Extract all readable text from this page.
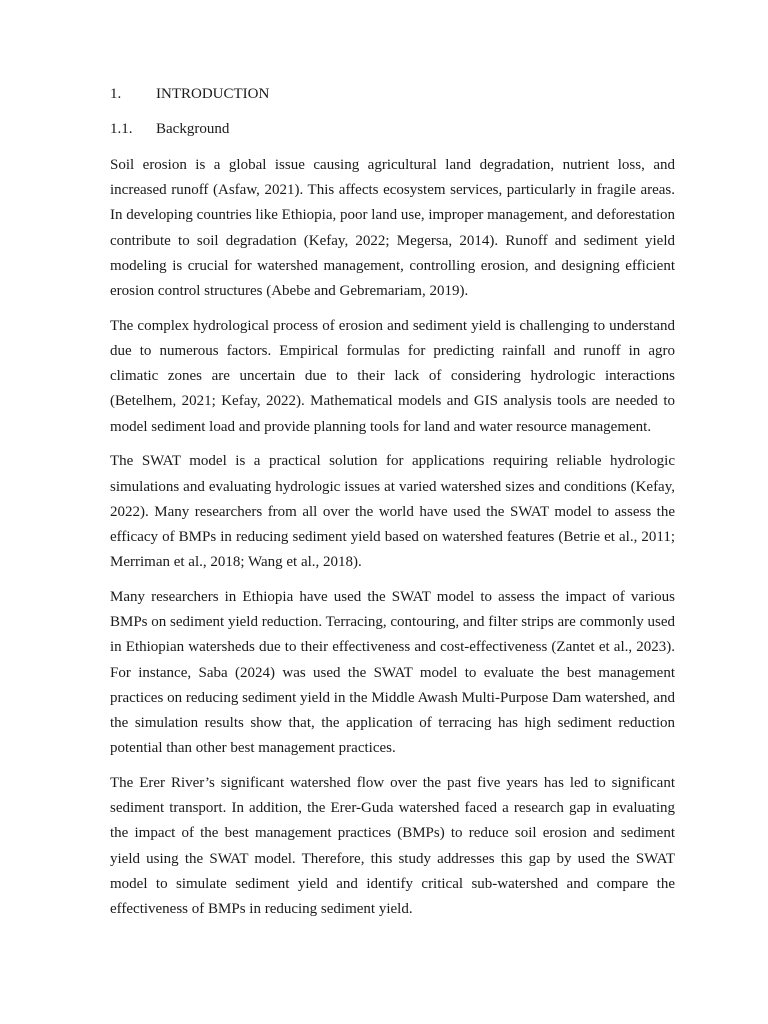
1.	INTRODUCTION
1.1.	Background

Soil erosion is a global issue causing agricultural land degradation, nutrient loss, and increased runoff (Asfaw, 2021). This affects ecosystem services, particularly in fragile areas. In developing countries like Ethiopia, poor land use, improper management, and deforestation contribute to soil degradation (Kefay, 2022; Megersa, 2014). Runoff and sediment yield modeling is crucial for watershed management, controlling erosion, and designing efficient erosion control structures (Abebe and Gebremariam, 2019).

The complex hydrological process of erosion and sediment yield is challenging to understand due to numerous factors. Empirical formulas for predicting rainfall and runoff in agro climatic zones are uncertain due to their lack of considering hydrologic interactions (Betelhem, 2021; Kefay, 2022). Mathematical models and GIS analysis tools are needed to model sediment load and provide planning tools for land and water resource management.

The SWAT model is a practical solution for applications requiring reliable hydrologic simulations and evaluating hydrologic issues at varied watershed sizes and conditions (Kefay, 2022). Many researchers from all over the world have used the SWAT model to assess the efficacy of BMPs in reducing sediment yield based on watershed features (Betrie et al., 2011; Merriman et al., 2018; Wang et al., 2018).

Many researchers in Ethiopia have used the SWAT model to assess the impact of various BMPs on sediment yield reduction. Terracing, contouring, and filter strips are commonly used in Ethiopian watersheds due to their effectiveness and cost-effectiveness (Zantet et al., 2023). For instance, Saba (2024) was used the SWAT model to evaluate the best management practices on reducing sediment yield in the Middle Awash Multi-Purpose Dam watershed, and the simulation results show that, the application of terracing has high sediment reduction potential than other best management practices.

The Erer River’s significant watershed flow over the past five years has led to significant sediment transport. In addition, the Erer-Guda watershed faced a research gap in evaluating the impact of the best management practices (BMPs) to reduce soil erosion and sediment yield using the SWAT model. Therefore, this study addresses this gap by used the SWAT model to simulate sediment yield and identify critical sub-watershed and compare the effectiveness of BMPs in reducing sediment yield.
